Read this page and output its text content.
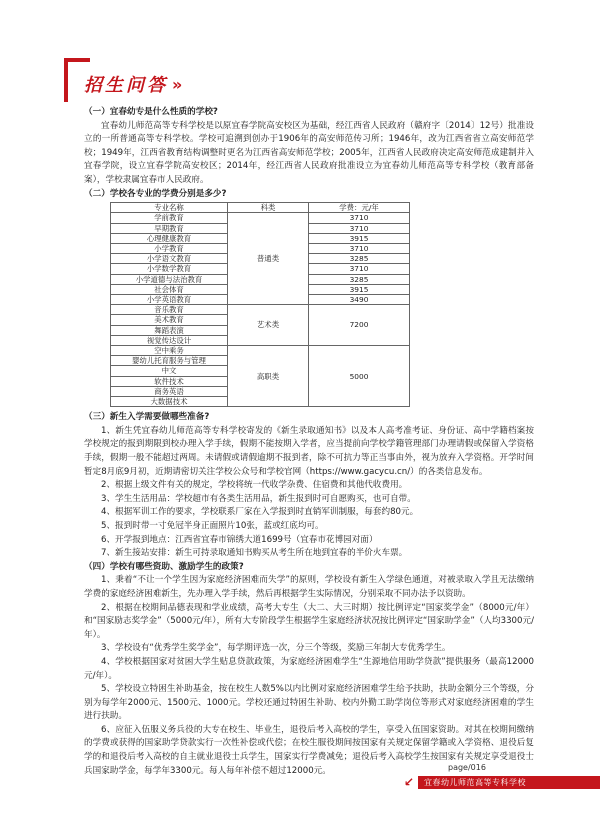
招生问答 »

（一）宜春幼专是什么性质的学校?

宜春幼儿师范高等专科学校是以原宜春学院高安校区为基础，经江西省人民政府（赣府字〔2014〕12号）批准设立的一所普通高等专科学校。学校可追溯到创办于1906年的高安师范传习所；1946年，改为江西省省立高安师范学校；1949年，江西省教育结构调整时更名为江西省高安师范学校；2005年，江西省人民政府决定高安师范成建制并入宜春学院，设立宜春学院高安校区；2014年，经江西省人民政府批准设立为宜春幼儿师范高等专科学校（教育部备案），学校隶属宜春市人民政府。

（二）学校各专业的学费分别是多少?

专业名称	科类	学费：元/年
学前教育	普通类	3710
早期教育		3710
心理健康教育		3915
小学教育		3710
小学语文教育		3285
小学数学教育		3710
小学道德与法治教育		3285
社会体育		3915
小学英语教育		3490
音乐教育	艺术类	7200
美术教育		
舞蹈表演		
视觉传达设计		
空中乘务	高职类	5000
婴幼儿托育服务与管理		
中文		
软件技术		
商务英语		
大数据技术		

（三）新生入学需要做哪些准备?

1、新生凭宜春幼儿师范高等专科学校寄发的《新生录取通知书》以及本人高考准考证、身份证、高中学籍档案按学校规定的报到期限到校办理入学手续，假期不能按期入学者，应当提前向学校学籍管理部门办理请假或保留入学资格手续，假期一般不能超过两周。未请假或请假逾期不报到者，除不可抗力等正当事由外，视为放弃入学资格。开学时间暂定8月底9月初，近期请密切关注学校公众号和学校官网（https://www.gacycu.cn/）的各类信息发布。

2、根据上级文件有关的规定，学校将统一代收学杂费、住宿费和其他代收费用。

3、学生生活用品：学校超市有各类生活用品，新生报到时可自愿购买，也可自带。

4、根据军训工作的要求，学校联系厂家在入学报到时直销军训制服，每套约80元。

5、报到时带一寸免冠半身正面照片10张，蓝或红底均可。

6、开学报到地点：江西省宜春市锦绣大道1699号（宜春市花博园对面）

7、新生接站安排：新生可持录取通知书购买从考生所在地到宜春的半价火车票。

（四）学校有哪些资助、激励学生的政策?

1、秉着“不让一个学生因为家庭经济困难而失学”的原则，学校设有新生入学绿色通道，对被录取入学且无法缴纳学费的家庭经济困难新生，先办理入学手续，然后再根据学生实际情况，分别采取不同办法予以资助。

2、根据在校期间品德表现和学业成绩，高考大专生（大二、大三时期）按比例评定“国家奖学金”（8000元/年）和“国家励志奖学金”（5000元/年），所有大专阶段学生根据学生家庭经济状况按比例评定“国家助学金”（人均3300元/年）。

3、学校设有“优秀学生奖学金”，每学期评选一次，分三个等级，奖励三年制大专优秀学生。

4、学校根据国家对贫困大学生贴息贷款政策，为家庭经济困难学生“生源地信用助学贷款”提供服务（最高12000元/年）。

5、学校设立特困生补助基金，按在校生人数5%以内比例对家庭经济困难学生给予扶助，扶助金额分三个等级，分别为每学年2000元、1500元、1000元。学校还通过特困生补助、校内外勤工助学岗位等形式对家庭经济困难的学生进行扶助。

6、应征入伍服义务兵役的大专在校生、毕业生，退役后考入高校的学生，享受入伍国家资助。对其在校期间缴纳的学费或获得的国家助学贷款实行一次性补偿或代偿；在校生服役期间按国家有关规定保留学籍或入学资格、退役后复学的和退役后考入高校的自主就业退役士兵学生，国家实行学费减免；退役后考入高校学生按国家有关规定享受退役士兵国家助学金，每学年3300元。每人每年补偿不超过12000元。	page/016
↙	宜春幼儿师范高等专科学校
